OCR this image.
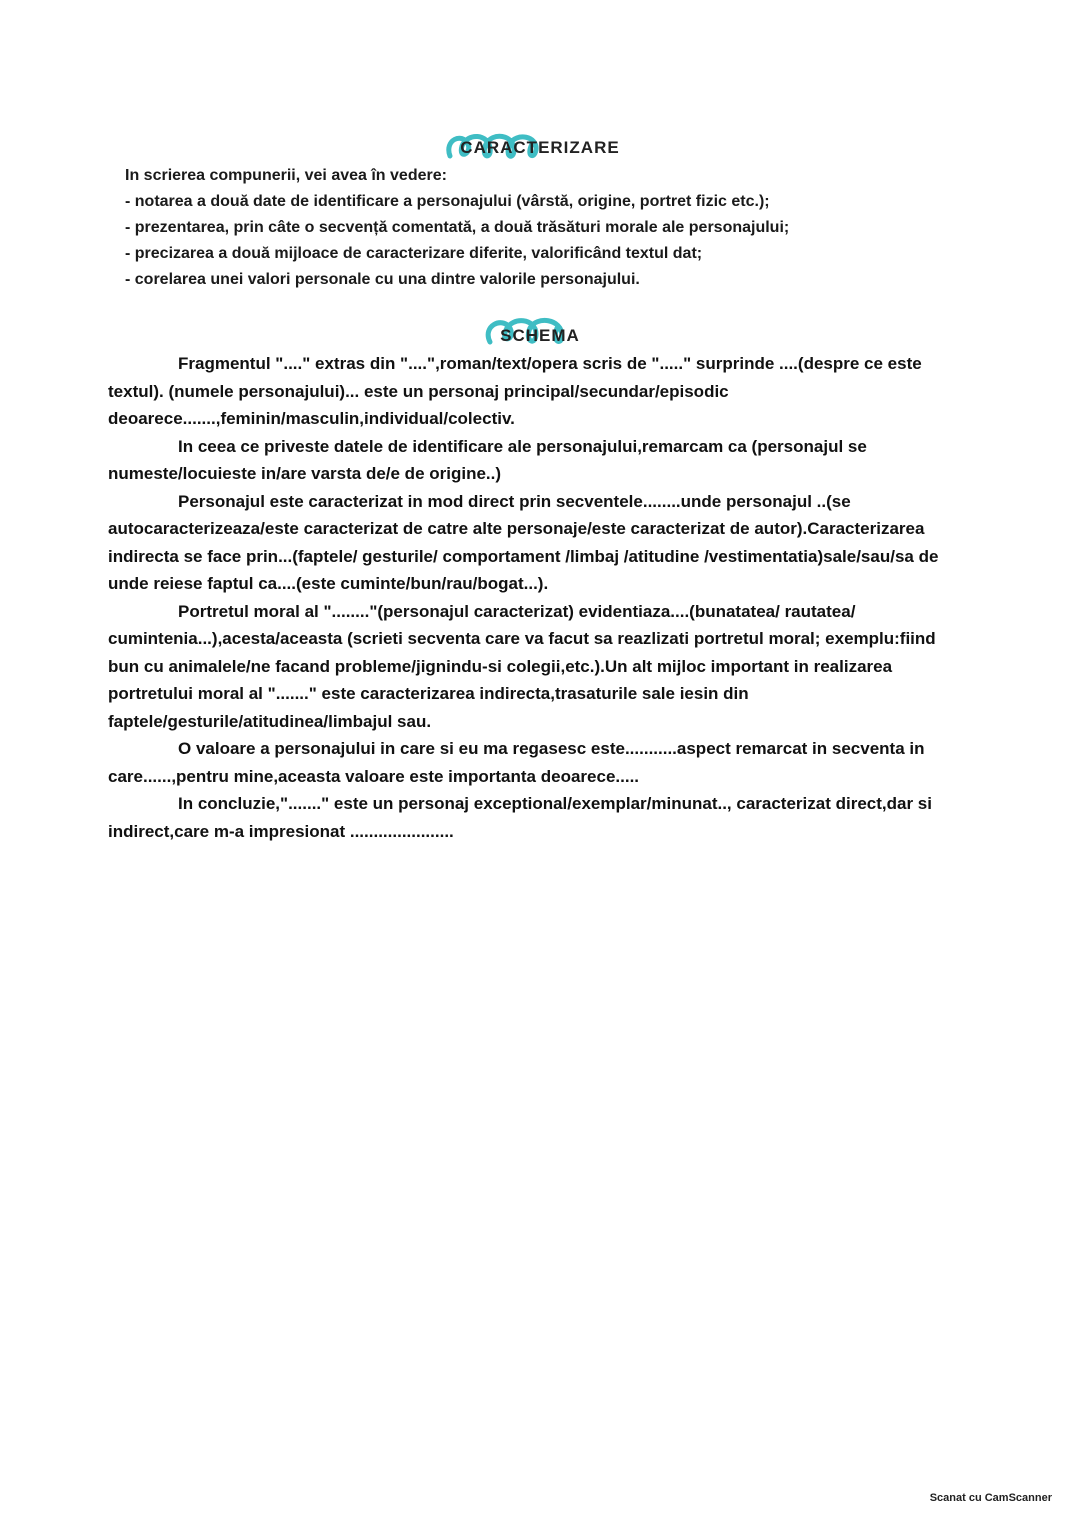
CARACTERIZARE

In scrierea compunerii, vei avea în vedere:

- notarea a două date de identificare a personajului (vârstă, origine, portret fizic etc.);
- prezentarea, prin câte o secvență comentată, a două trăsături morale ale personajului;
- precizarea a două mijloace de caracterizare diferite, valorificând textul dat;
- corelarea unei valori personale cu una dintre valorile personajului.
SCHEMA

Fragmentul "...." extras din "....",roman/text/opera scris de "....." surprinde ....(despre ce este textul). (numele personajului)... este un personaj principal/secundar/episodic deoarece.......,feminin/masculin,individual/colectiv.

In ceea ce priveste datele de identificare ale personajului,remarcam ca (personajul se numeste/locuieste in/are varsta de/e de origine..)

Personajul este caracterizat in mod direct prin secventele........unde personajul ..(se autocaracterizeaza/este caracterizat de catre alte personaje/este caracterizat de autor).Caracterizarea indirecta se face prin...(faptele/ gesturile/ comportament /limbaj /atitudine /vestimentatia)sale/sau/sa de unde reiese faptul ca....(este cuminte/bun/rau/bogat...).

Portretul moral al "........"(personajul caracterizat) evidentiaza....(bunatatea/ rautatea/ cumintenia...),acesta/aceasta (scrieti secventa care va facut sa reazlizati portretul moral; exemplu:fiind bun cu animalele/ne facand probleme/jignindu-si colegii,etc.).Un alt mijloc important in realizarea portretului moral al "......." este caracterizarea indirecta,trasaturile sale iesin din faptele/gesturile/atitudinea/limbajul sau.

O valoare a personajului in care si eu ma regasesc este...........aspect remarcat in secventa in care......,pentru mine,aceasta valoare este importanta deoarece.....

In concluzie,"......." este un personaj exceptional/exemplar/minunat.., caracterizat direct,dar si indirect,care m-a impresionat ......................

Scanat cu CamScanner
